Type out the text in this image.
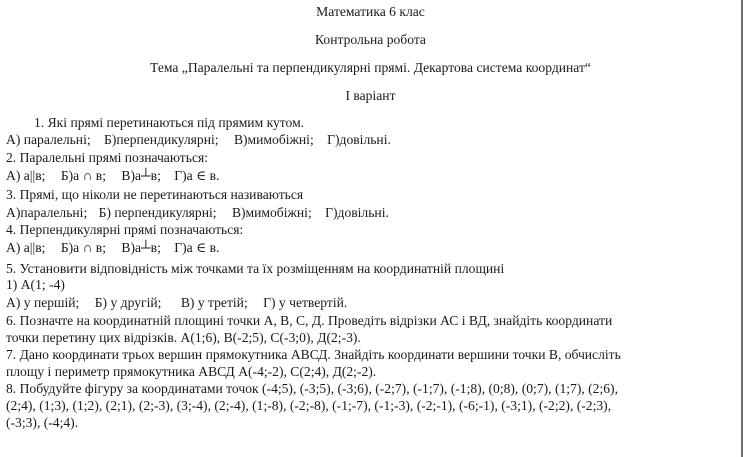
Математика 6 клас
Контрольна робота
Тема „Паралельні та перпендикулярні прямі. Декартова система координат“
І варіант
1. Які прямі перетинаються під прямим кутом.
А) паралельні; Б)перпендикулярні; В)мимобіжні; Г)довільні.
2. Паралельні прямі позначаються:
А) а||в; Б)а ∩ в; В)а┴в; Г)а ∈ в.
3. Прямі, що ніколи не перетинаються називаються
А)паралельні; Б) перпендикулярні; В)мимобіжні; Г)довільні.
4. Перпендикулярні прямі позначаються:
А) а||в; Б)а ∩ в; В)а┴в; Г)а ∈ в.
5. Установити відповідність між точками та їх розміщенням на координатній площині
1) А(1; -4)
А) у першій; Б) у другій; В) у третій; Г) у четвертій.
6. Позначте на координатній площині точки А, В, С, Д. Проведіть відрізки АС і ВД, знайдіть координати
точки перетину цих відрізків. А(1;6), В(-2;5), С(-3;0), Д(2;-3).
7. Дано координати трьох вершин прямокутника АВСД. Знайдіть координати вершини точки В, обчисліть
площу і периметр прямокутника АВСД А(-4;-2), С(2;4), Д(2;-2).
8. Побудуйте фігуру за координатами точок (-4;5), (-3;5), (-3;6), (-2;7), (-1;7), (-1;8), (0;8), (0;7), (1;7), (2;6),
(2;4), (1;3), (1;2), (2;1), (2;-3), (3;-4), (2;-4), (1;-8), (-2;-8), (-1;-7), (-1;-3), (-2;-1), (-6;-1), (-3;1), (-2;2), (-2;3),
(-3;3), (-4;4).
